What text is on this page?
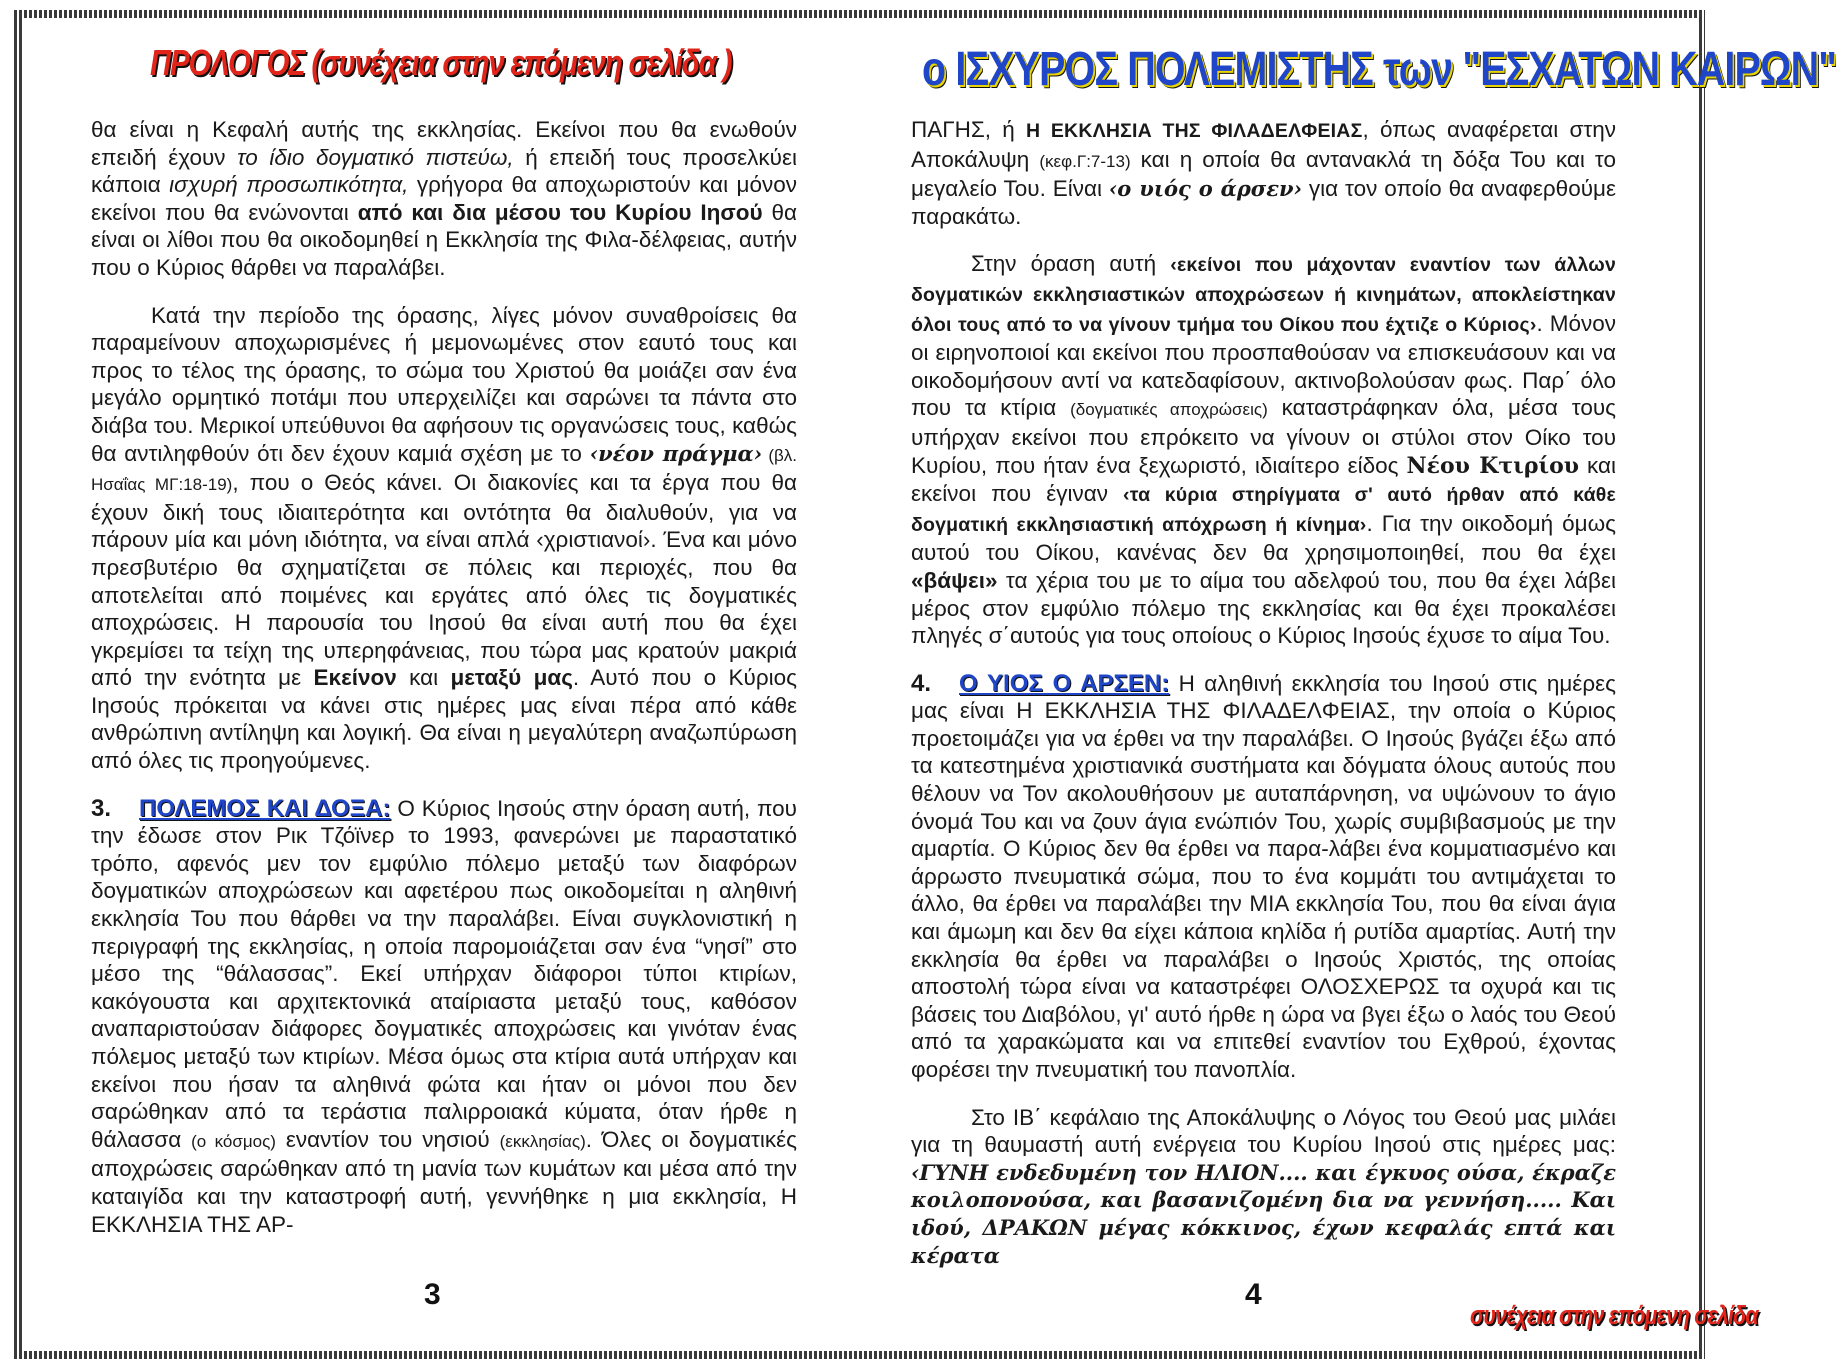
ΠΡΟΛΟΓΟΣ (συνέχεια στην επόμενη σελίδα )	ο ΙΣΧΥΡΟΣ ΠΟΛΕΜΙΣΤΗΣ των "ΕΣΧΑΤΩΝ ΚΑΙΡΩΝ"

θα είναι η Κεφαλή αυτής της εκκλησίας. Εκείνοι που θα ενωθούν επειδή έχουν το ίδιο δογματικό πιστεύω, ή επειδή τους προσελκύει κάποια ισχυρή προσωπικότητα, γρήγορα θα αποχωριστούν και μόνον εκείνοι που θα ενώνονται από και δια μέσου του Κυρίου Ιησού θα είναι οι λίθοι που θα οικοδομηθεί η Εκκλησία της Φιλα-δέλφειας, αυτήν που ο Κύριος θάρθει να παραλάβει.

Κατά την περίοδο της όρασης, λίγες μόνον συναθροίσεις θα παραμείνουν αποχωρισμένες ή μεμονωμένες στον εαυτό τους και προς το τέλος της όρασης, το σώμα του Χριστού θα μοιάζει σαν ένα μεγάλο ορμητικό ποτάμι που υπερχειλίζει και σαρώνει τα πάντα στο διάβα του. Μερικοί υπεύθυνοι θα αφήσουν τις οργανώσεις τους, καθώς θα αντιληφθούν ότι δεν έχουν καμιά σχέση με το ‹νέον πράγμα› (βλ. Ησαΐας ΜΓ:18-19), που ο Θεός κάνει. Οι διακονίες και τα έργα που θα έχουν δική τους ιδιαιτερότητα και οντότητα θα διαλυθούν, για να πάρουν μία και μόνη ιδιότητα, να είναι απλά ‹χριστιανοί›. Ένα και μόνο πρεσβυτέριο θα σχηματίζεται σε πόλεις και περιοχές, που θα αποτελείται από ποιμένες και εργάτες από όλες τις δογματικές αποχρώσεις. Η παρουσία του Ιησού θα είναι αυτή που θα έχει γκρεμίσει τα τείχη της υπερηφάνειας, που τώρα μας κρατούν μακριά από την ενότητα με Εκείνον και μεταξύ μας. Αυτό που ο Κύριος Ιησούς πρόκειται να κάνει στις ημέρες μας είναι πέρα από κάθε ανθρώπινη αντίληψη και λογική. Θα είναι η μεγαλύτερη αναζωπύρωση από όλες τις προηγούμενες.

3. ΠΟΛΕΜΟΣ ΚΑΙ ΔΟΞΑ: Ο Κύριος Ιησούς στην όραση αυτή, που την έδωσε στον Ρικ Τζόϊνερ το 1993, φανερώνει με παραστατικό τρόπο, αφενός μεν τον εμφύλιο πόλεμο μεταξύ των διαφόρων δογματικών αποχρώσεων και αφετέρου πως οικοδομείται η αληθινή εκκλησία Του που θάρθει να την παραλάβει. Είναι συγκλονιστική η περιγραφή της εκκλησίας, η οποία παρομοιάζεται σαν ένα “νησί” στο μέσο της “θάλασσας”. Εκεί υπήρχαν διάφοροι τύποι κτιρίων, κακόγουστα και αρχιτεκτονικά αταίριαστα μεταξύ τους, καθόσον αναπαριστούσαν διάφορες δογματικές αποχρώσεις και γινόταν ένας πόλεμος μεταξύ των κτιρίων. Μέσα όμως στα κτίρια αυτά υπήρχαν και εκείνοι που ήσαν τα αληθινά φώτα και ήταν οι μόνοι που δεν σαρώθηκαν από τα τεράστια παλιρροιακά κύματα, όταν ήρθε η θάλασσα (ο κόσμος) εναντίον του νησιού (εκκλησίας). Όλες οι δογματικές αποχρώσεις σαρώθηκαν από τη μανία των κυμάτων και μέσα από την καταιγίδα και την καταστροφή αυτή, γεννήθηκε η μια εκκλησία, Η ΕΚΚΛΗΣΙΑ ΤΗΣ ΑΡ-

ΠΑΓΗΣ, ή Η ΕΚΚΛΗΣΙΑ ΤΗΣ ΦΙΛΑΔΕΛΦΕΙΑΣ, όπως αναφέρεται στην Αποκάλυψη (κεφ.Γ:7-13) και η οποία θα αντανακλά τη δόξα Του και το μεγαλείο Του. Είναι ‹ο υιός ο άρσεν› για τον οποίο θα αναφερθούμε παρακάτω.

Στην όραση αυτή ‹εκείνοι που μάχονταν εναντίον των άλλων δογματικών εκκλησιαστικών αποχρώσεων ή κινημάτων, αποκλείστηκαν όλοι τους από το να γίνουν τμήμα του Οίκου που έχτιζε ο Κύριος›. Μόνον οι ειρηνοποιοί και εκείνοι που προσπαθούσαν να επισκευάσουν και να οικοδομήσουν αντί να κατεδαφίσουν, ακτινοβολούσαν φως. Παρ΄ όλο που τα κτίρια (δογματικές αποχρώσεις) καταστράφηκαν όλα, μέσα τους υπήρχαν εκείνοι που επρόκειτο να γίνουν οι στύλοι στον Οίκο του Κυρίου, που ήταν ένα ξεχωριστό, ιδιαίτερο είδος Νέου Κτιρίου και εκείνοι που έγιναν ‹τα κύρια στηρίγματα σ' αυτό ήρθαν από κάθε δογματική εκκλησιαστική απόχρωση ή κίνημα›. Για την οικοδομή όμως αυτού του Οίκου, κανένας δεν θα χρησιμοποιηθεί, που θα έχει «βάψει» τα χέρια του με το αίμα του αδελφού του, που θα έχει λάβει μέρος στον εμφύλιο πόλεμο της εκκλησίας και θα έχει προκαλέσει πληγές σ΄αυτούς για τους οποίους ο Κύριος Ιησούς έχυσε το αίμα Του.

4. Ο ΥΙΟΣ Ο ΑΡΣΕΝ: Η αληθινή εκκλησία του Ιησού στις ημέρες μας είναι Η ΕΚΚΛΗΣΙΑ ΤΗΣ ΦΙΛΑΔΕΛΦΕΙΑΣ, την οποία ο Κύριος προετοιμάζει για να έρθει να την παραλάβει. Ο Ιησούς βγάζει έξω από τα κατεστημένα χριστιανικά συστήματα και δόγματα όλους αυτούς που θέλουν να Τον ακολουθήσουν με αυταπάρνηση, να υψώνουν το άγιο όνομά Του και να ζουν άγια ενώπιόν Του, χωρίς συμβιβασμούς με την αμαρτία. Ο Κύριος δεν θα έρθει να παρα-λάβει ένα κομματιασμένο και άρρωστο πνευματικά σώμα, που το ένα κομμάτι του αντιμάχεται το άλλο, θα έρθει να παραλάβει την ΜΙΑ εκκλησία Του, που θα είναι άγια και άμωμη και δεν θα είχει κάποια κηλίδα ή ρυτίδα αμαρτίας. Αυτή την εκκλησία θα έρθει να παραλάβει ο Ιησούς Χριστός, της οποίας αποστολή τώρα είναι να καταστρέφει ΟΛΟΣΧΕΡΩΣ τα οχυρά και τις βάσεις του Διαβόλου, γι' αυτό ήρθε η ώρα να βγει έξω ο λαός του Θεού από τα χαρακώματα και να επιτεθεί εναντίον του Εχθρού, έχοντας φορέσει την πνευματική του πανοπλία.

Στο ΙΒ΄ κεφάλαιο της Αποκάλυψης ο Λόγος του Θεού μας μιλάει για τη θαυμαστή αυτή ενέργεια του Κυρίου Ιησού στις ημέρες μας: ‹ΓΥΝΗ ενδεδυμένη τον ΗΛΙΟΝ.... και έγκυος ούσα, έκραζε κοιλοπονούσα, και βασανιζομένη δια να γεννήση..... Και ιδού, ΔΡΑΚΩΝ μέγας κόκκινος, έχων κεφαλάς επτά και κέρατα

3	4
συνέχεια στην επόμενη σελίδα
